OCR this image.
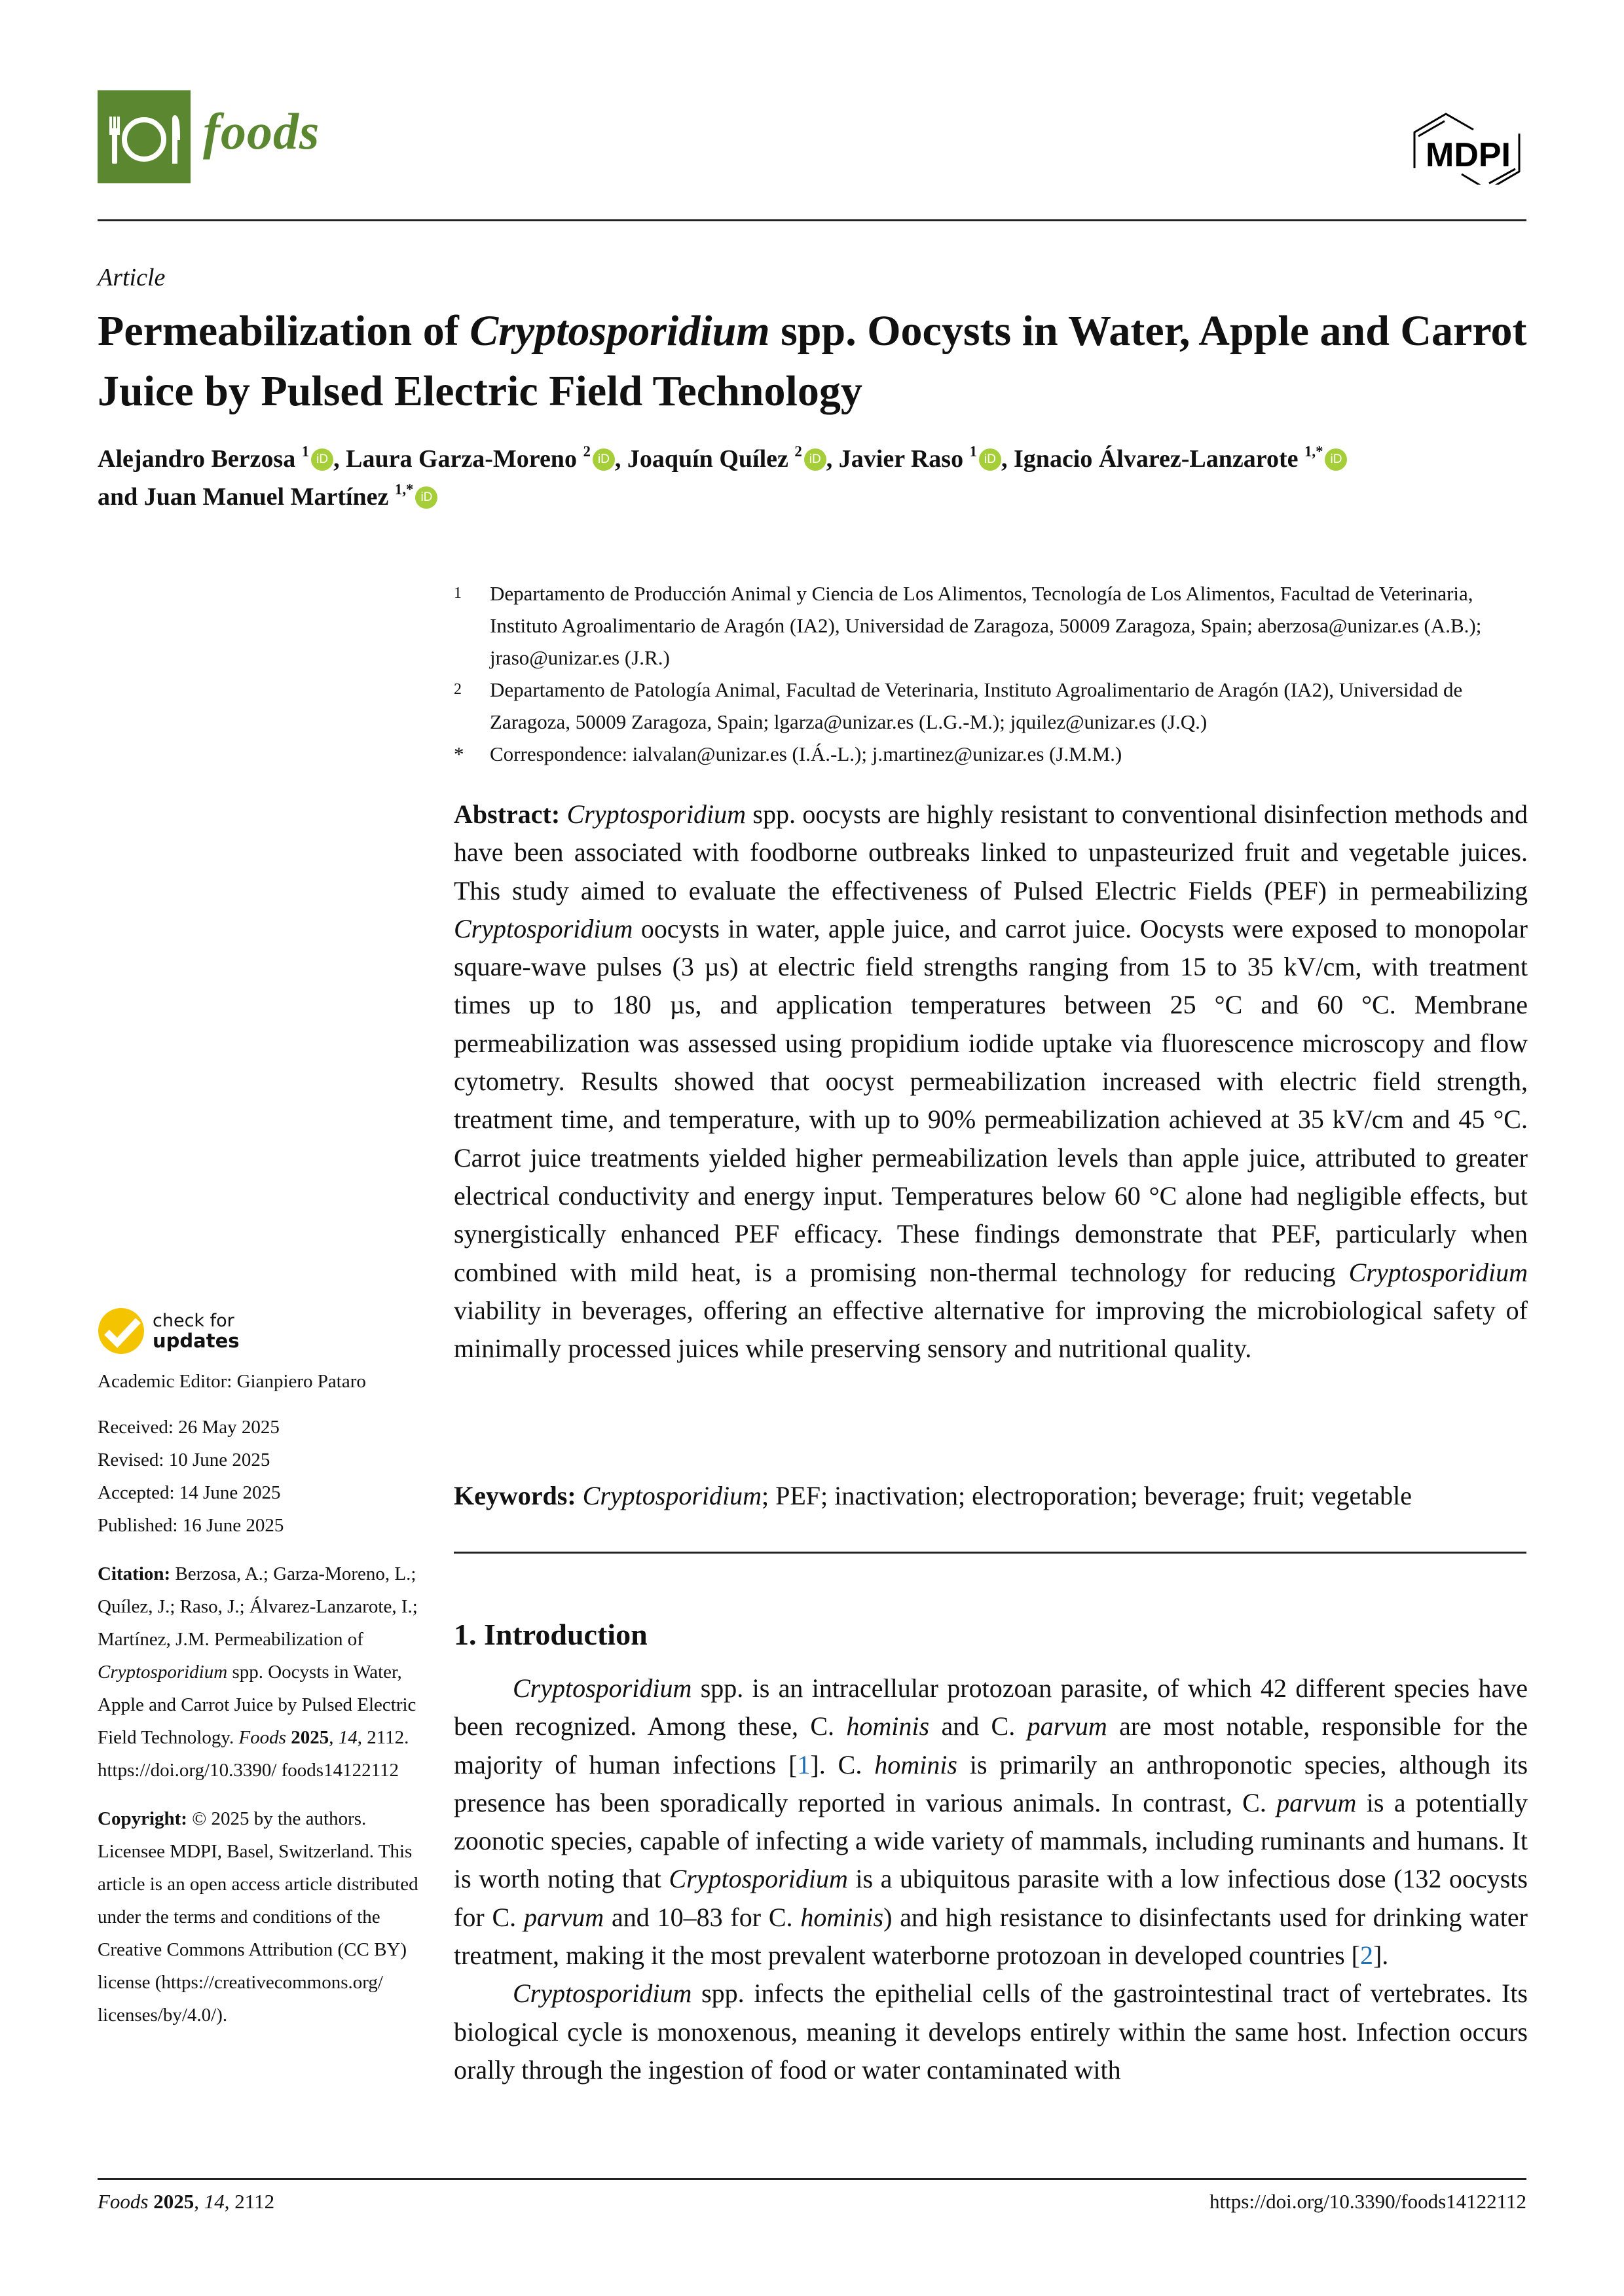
foods	MDPI
Article
Permeabilization of Cryptosporidium spp. Oocysts in Water, Apple and Carrot Juice by Pulsed Electric Field Technology
Alejandro Berzosa $^1$ iD , Laura Garza-Moreno $^2$ iD , Joaquín Quílez $^2$ iD , Javier Raso $^1$ iD , Ignacio Álvarez-Lanzarote $^{1,*}$ iD
and Juan Manuel Martínez $^{1,*}$ iD
1 Departamento de Producción Animal y Ciencia de Los Alimentos, Tecnología de Los Alimentos, Facultad de Veterinaria, Instituto Agroalimentario de Aragón (IA2), Universidad de Zaragoza, 50009 Zaragoza, Spain; aberzosa@unizar.es (A.B.); jraso@unizar.es (J.R.)
2 Departamento de Patología Animal, Facultad de Veterinaria, Instituto Agroalimentario de Aragón (IA2), Universidad de Zaragoza, 50009 Zaragoza, Spain; lgarza@unizar.es (L.G.-M.); jquilez@unizar.es (J.Q.)
* Correspondence: ialvalan@unizar.es (I.Á.-L.); j.martinez@unizar.es (J.M.M.)
check for
updates
Academic Editor: Gianpiero Pataro
Received: 26 May 2025
Revised: 10 June 2025
Accepted: 14 June 2025
Published: 16 June 2025
Citation: Berzosa, A.; Garza-Moreno, L.; Quílez, J.; Raso, J.; Álvarez-Lanzarote, I.; Martínez, J.M. Permeabilization of Cryptosporidium spp. Oocysts in Water, Apple and Carrot Juice by Pulsed Electric Field Technology. Foods 2025, 14, 2112. https://doi.org/10.3390/ foods14122112
Copyright: © 2025 by the authors. Licensee MDPI, Basel, Switzerland. This article is an open access article distributed under the terms and conditions of the Creative Commons Attribution (CC BY) license (https://creativecommons.org/ licenses/by/4.0/).
Abstract: Cryptosporidium spp. oocysts are highly resistant to conventional disinfection methods and have been associated with foodborne outbreaks linked to unpasteurized fruit and vegetable juices. This study aimed to evaluate the effectiveness of Pulsed Electric Fields (PEF) in permeabilizing Cryptosporidium oocysts in water, apple juice, and carrot juice. Oocysts were exposed to monopolar square-wave pulses (3 µs) at electric field strengths ranging from 15 to 35 kV/cm, with treatment times up to 180 µs, and application temperatures between 25 °C and 60 °C. Membrane permeabilization was assessed using propidium iodide uptake via fluorescence microscopy and flow cytometry. Results showed that oocyst permeabilization increased with electric field strength, treatment time, and temperature, with up to 90% permeabilization achieved at 35 kV/cm and 45 °C. Carrot juice treatments yielded higher permeabilization levels than apple juice, attributed to greater electrical conductivity and energy input. Temperatures below 60 °C alone had negligible effects, but synergistically enhanced PEF efficacy. These findings demonstrate that PEF, particularly when combined with mild heat, is a promising non-thermal technology for reducing Cryptosporidium viability in beverages, offering an effective alternative for improving the microbiological safety of minimally processed juices while preserving sensory and nutritional quality.
Keywords: Cryptosporidium; PEF; inactivation; electroporation; beverage; fruit; vegetable
1. Introduction

Cryptosporidium spp. is an intracellular protozoan parasite, of which 42 different species have been recognized. Among these, C. hominis and C. parvum are most notable, responsible for the majority of human infections [1]. C. hominis is primarily an anthroponotic species, although its presence has been sporadically reported in various animals. In contrast, C. parvum is a potentially zoonotic species, capable of infecting a wide variety of mammals, including ruminants and humans. It is worth noting that Cryptosporidium is a ubiquitous parasite with a low infectious dose (132 oocysts for C. parvum and 10–83 for C. hominis) and high resistance to disinfectants used for drinking water treatment, making it the most prevalent waterborne protozoan in developed countries [2].

Cryptosporidium spp. infects the epithelial cells of the gastrointestinal tract of vertebrates. Its biological cycle is monoxenous, meaning it develops entirely within the same host. Infection occurs orally through the ingestion of food or water contaminated with

Foods 2025, 14, 2112	https://doi.org/10.3390/foods14122112
